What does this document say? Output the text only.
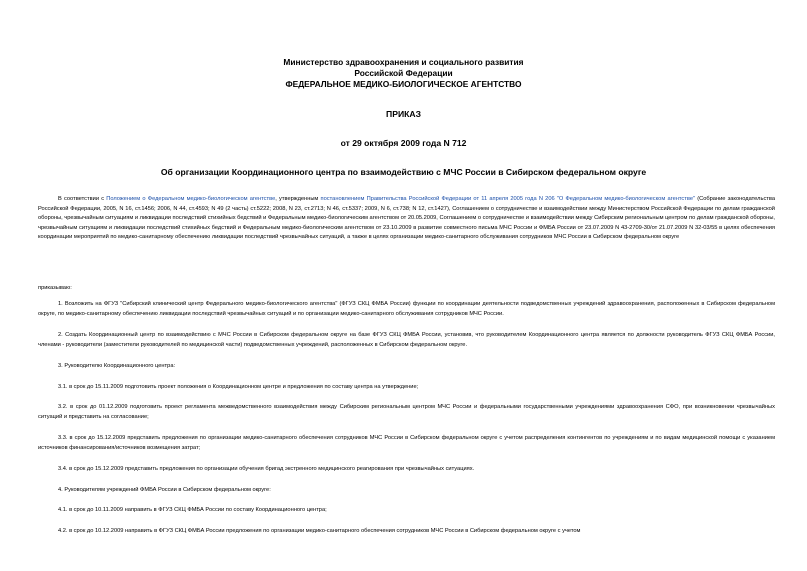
Министерство здравоохранения и социального развития
Российской Федерации
ФЕДЕРАЛЬНОЕ МЕДИКО-БИОЛОГИЧЕСКОЕ АГЕНТСТВО
ПРИКАЗ
от 29 октября 2009 года N 712
Об организации Координационного центра по взаимодействию с МЧС России в Сибирском федеральном округе

В соответствии с Положением о Федеральном медико-биологическом агентстве, утвержденным постановлением Правительства Российской Федерации от 11 апреля 2005 года N 206 "О Федеральном медико-биологическом агентстве" (Собрание законодательства Российской Федерации, 2005, N 16, ст.1456; 2006, N 44, ст.4593; N 49 (2 часть) ст.5222; 2008, N 23, ст.2713; N 46, ст.5337; 2009, N 6, ст.738; N 12, ст.1427), Соглашением о сотрудничестве и взаимодействии между Министерством Российской Федерации по делам гражданской обороны, чрезвычайным ситуациям и ликвидации последствий стихийных бедствий и Федеральным медико-биологическим агентством от 20.05.2009, Соглашением о сотрудничестве и взаимодействии между Сибирским региональным центром по делам гражданской обороны, чрезвычайным ситуациям и ликвидации последствий стихийных бедствий и Федеральным медико-биологическим агентством от 23.10.2009 в развитие совместного письма МЧС России и ФМБА России от 23.07.2009 N 43-2709-30/от 21.07.2009 N 32-03/55 в целях обеспечения координации мероприятий по медико-санитарному обеспечению ликвидации последствий чрезвычайных ситуаций, а также в целях организации медико-санитарного обслуживания сотрудников МЧС России в Сибирском федеральном округе

приказываю:

1. Возложить на ФГУЗ "Сибирский клинический центр Федерального медико-биологического агентства" (ФГУЗ СКЦ ФМБА России) функции по координации деятельности подведомственных учреждений здравоохранения, расположенных в Сибирском федеральном округе, по медико-санитарному обеспечению ликвидации последствий чрезвычайных ситуаций и по организации медико-санитарного обслуживания сотрудников МЧС России.

2. Создать Координационный центр по взаимодействию с МЧС России в Сибирском федеральном округе на базе ФГУЗ СКЦ ФМБА России, установив, что руководителем Координационного центра является по должности руководитель ФГУЗ СКЦ ФМБА России, членами - руководители (заместители руководителей по медицинской части) подведомственных учреждений, расположенных в Сибирском федеральном округе.

3. Руководителю Координационного центра:

3.1. в срок до 15.11.2009 подготовить проект положения о Координационном центре и предложения по составу центра на утверждение;

3.2. в срок до 01.12.2009 подготовить проект регламента межведомственного взаимодействия между Сибирским региональным центром МЧС России и федеральными государственными учреждениями здравоохранения СФО, при возникновении чрезвычайных ситуаций и представить на согласование;

3.3. в срок до 15.12.2009 представить предложения по организации медико-санитарного обеспечения сотрудников МЧС России в Сибирском федеральном округе с учетом распределения контингентов по учреждениям и по видам медицинской помощи с указанием источников финансирования/источников возмещения затрат;

3.4. в срок до 15.12.2009 представить предложения по организации обучения бригад экстренного медицинского реагирования при чрезвычайных ситуациях.

4. Руководителям учреждений ФМБА России в Сибирском федеральном округе:

4.1. в срок до 10.11.2009 направить в ФГУЗ СКЦ ФМБА России по составу Координационного центра;

4.2. в срок до 10.12.2009 направить в ФГУЗ СКЦ ФМБА России предложения по организации медико-санитарного обеспечения сотрудников МЧС России в Сибирском федеральном округе с учетом
